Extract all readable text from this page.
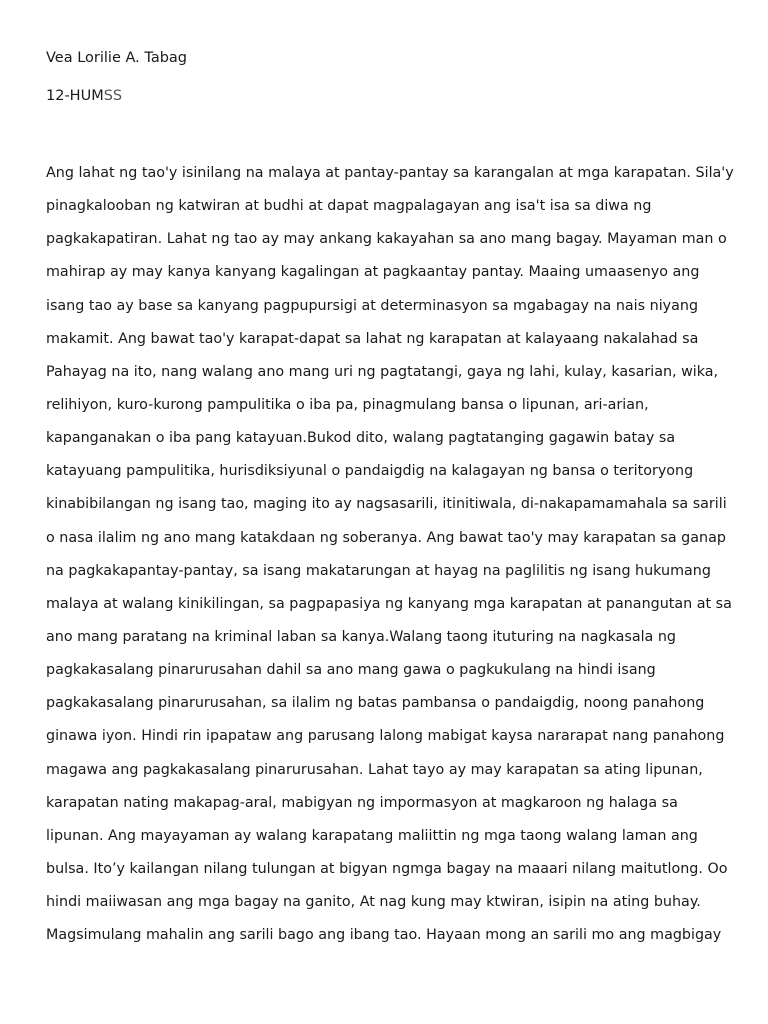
Vea Lorilie A. Tabag
12-HUMSS
Ang lahat ng tao'y isinilang na malaya at pantay-pantay sa karangalan at mga karapatan. Sila'y
pinagkalooban ng katwiran at budhi at dapat magpalagayan ang isa't isa sa diwa ng
pagkakapatiran. Lahat ng tao ay may ankang kakayahan sa ano mang bagay. Mayaman man o
mahirap ay may kanya kanyang kagalingan at pagkaantay pantay. Maaing umaasenyo ang
isang tao ay base sa kanyang pagpupursigi at determinasyon sa mgabagay na nais niyang
makamit. Ang bawat tao'y karapat-dapat sa lahat ng karapatan at kalayaang nakalahad sa
Pahayag na ito, nang walang ano mang uri ng pagtatangi, gaya ng lahi, kulay, kasarian, wika,
relihiyon, kuro-kurong pampulitika o iba pa, pinagmulang bansa o lipunan, ari-arian,
kapanganakan o iba pang katayuan.Bukod dito, walang pagtatanging gagawin batay sa
katayuang pampulitika, hurisdiksiyunal o pandaigdig na kalagayan ng bansa o teritoryong
kinabibilangan ng isang tao, maging ito ay nagsasarili, itinitiwala, di-nakapamamahala sa sarili
o nasa ilalim ng ano mang katakdaan ng soberanya. Ang bawat tao'y may karapatan sa ganap
na pagkakapantay-pantay, sa isang makatarungan at hayag na paglilitis ng isang hukumang
malaya at walang kinikilingan, sa pagpapasiya ng kanyang mga karapatan at panangutan at sa
ano mang paratang na kriminal laban sa kanya.Walang taong ituturing na nagkasala ng
pagkakasalang pinarurusahan dahil sa ano mang gawa o pagkukulang na hindi isang
pagkakasalang pinarurusahan, sa ilalim ng batas pambansa o pandaigdig, noong panahong
ginawa iyon. Hindi rin ipapataw ang parusang lalong mabigat kaysa nararapat nang panahong
magawa ang pagkakasalang pinarurusahan. Lahat tayo ay may karapatan sa ating lipunan,
karapatan nating makapag-aral, mabigyan ng impormasyon at magkaroon ng halaga sa
lipunan. Ang mayayaman ay walang karapatang maliittin ng mga taong walang laman ang
bulsa. Ito’y kailangan nilang tulungan at bigyan ngmga bagay na maaari nilang maitutlong. Oo
hindi maiiwasan ang mga bagay na ganito, At nag kung may ktwiran, isipin na ating buhay.
Magsimulang mahalin ang sarili bago ang ibang tao. Hayaan mong an sarili mo ang magbigay
